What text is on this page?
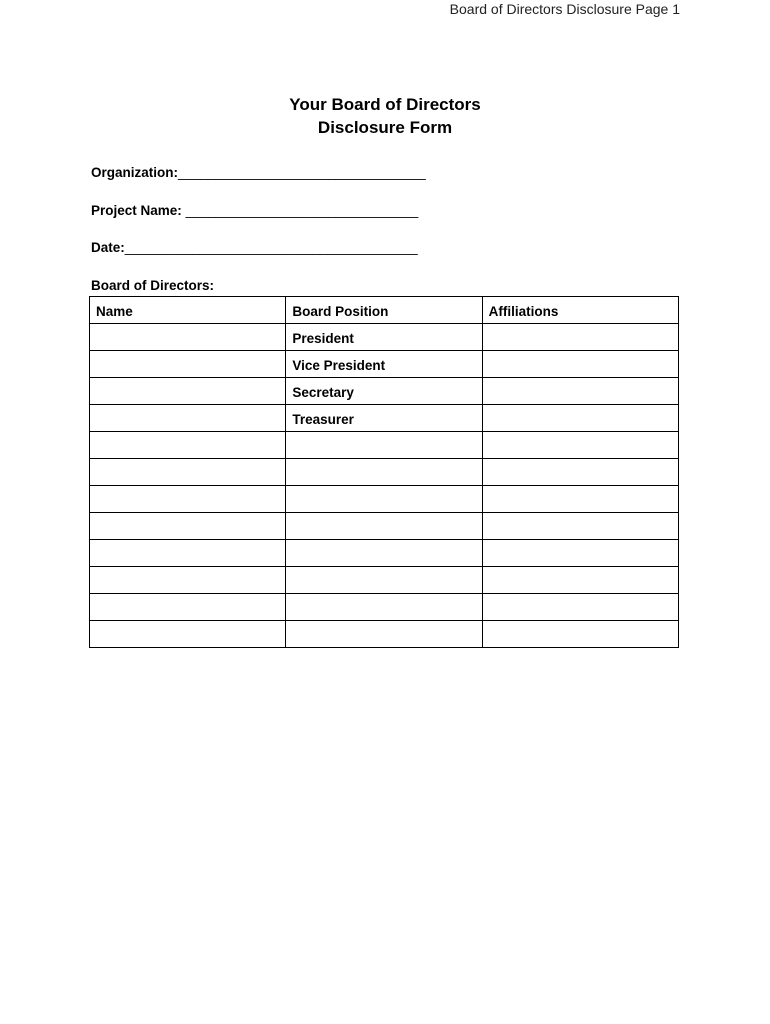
Board of Directors Disclosure Page 1
Your Board of Directors
Disclosure Form
Organization:_________________________________
Project Name: _______________________________
Date:_______________________________________
Board of Directors:
Name	Board Position	Affiliations
	President	
	Vice President	
	Secretary	
	Treasurer	
